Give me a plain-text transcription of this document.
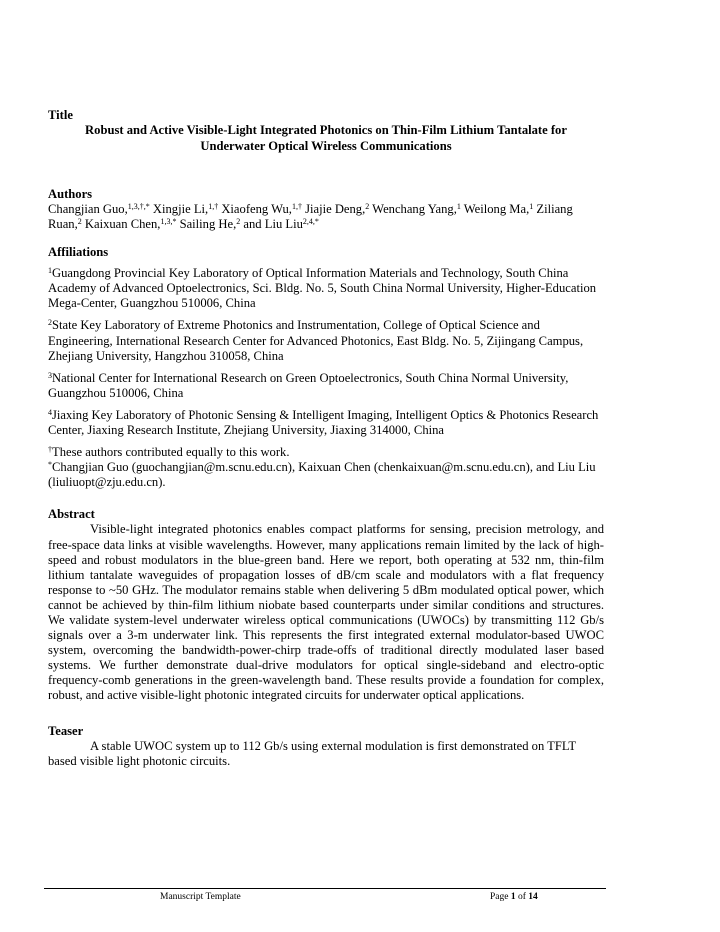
Title

Robust and Active Visible-Light Integrated Photonics on Thin-Film Lithium Tantalate for Underwater Optical Wireless Communications

Authors

Changjian Guo,$^{1,3,\dagger,*}$ Xingjie Li,$^{1,\dagger}$ Xiaofeng Wu,$^{1,\dagger}$ Jiajie Deng,$^2$ Wenchang Yang,$^1$ Weilong Ma,$^1$ Ziliang Ruan,$^2$ Kaixuan Chen,$^{1,3,*}$ Sailing He,$^2$ and Liu Liu$^{2,4,*}$

Affiliations

$^1$Guangdong Provincial Key Laboratory of Optical Information Materials and Technology, South China Academy of Advanced Optoelectronics, Sci. Bldg. No. 5, South China Normal University, Higher-Education Mega-Center, Guangzhou 510006, China

$^2$State Key Laboratory of Extreme Photonics and Instrumentation, College of Optical Science and Engineering, International Research Center for Advanced Photonics, East Bldg. No. 5, Zijingang Campus, Zhejiang University, Hangzhou 310058, China

$^3$National Center for International Research on Green Optoelectronics, South China Normal University, Guangzhou 510006, China

$^4$Jiaxing Key Laboratory of Photonic Sensing & Intelligent Imaging, Intelligent Optics & Photonics Research Center, Jiaxing Research Institute, Zhejiang University, Jiaxing 314000, China

†These authors contributed equally to this work.

*Changjian Guo (guochangjian@m.scnu.edu.cn), Kaixuan Chen (chenkaixuan@m.scnu.edu.cn), and Liu Liu (liuliuopt@zju.edu.cn).

Abstract

Visible-light integrated photonics enables compact platforms for sensing, precision metrology, and free-space data links at visible wavelengths. However, many applications remain limited by the lack of high-speed and robust modulators in the blue-green band. Here we report, both operating at 532 nm, thin-film lithium tantalate waveguides of propagation losses of dB/cm scale and modulators with a flat frequency response to ~50 GHz. The modulator remains stable when delivering 5 dBm modulated optical power, which cannot be achieved by thin-film lithium niobate based counterparts under similar conditions and structures. We validate system-level underwater wireless optical communications (UWOCs) by transmitting 112 Gb/s signals over a 3-m underwater link. This represents the first integrated external modulator-based UWOC system, overcoming the bandwidth-power-chirp trade-offs of traditional directly modulated laser based systems. We further demonstrate dual-drive modulators for optical single-sideband and electro-optic frequency-comb generations in the green-wavelength band. These results provide a foundation for complex, robust, and active visible-light photonic integrated circuits for underwater optical applications.

Teaser

A stable UWOC system up to 112 Gb/s using external modulation is first demonstrated on TFLT based visible light photonic circuits.

Manuscript Template	Page 1 of 14
